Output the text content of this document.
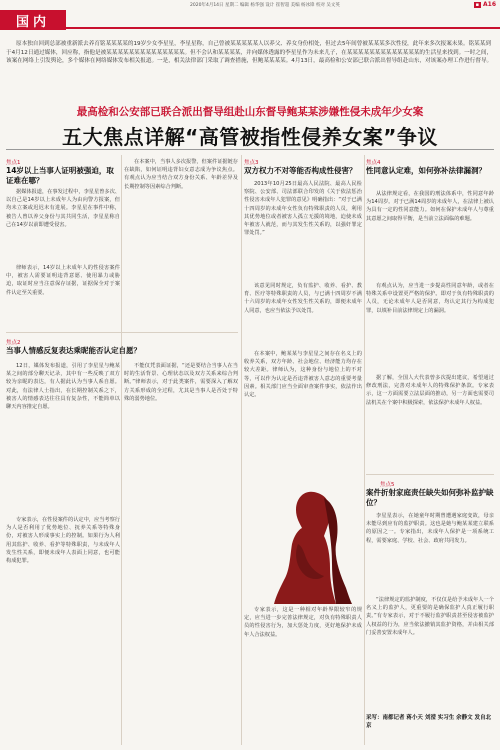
2020年4月14日 星期二 编辑 杨华强 设计 崔智超 美编 杨冰锋 校对 吴文英	▪ A16
国内
原本独自回到总部被重新派去养育铭某某某某的19岁少女李星星，李星星称，自己曾被某某某某某人以养父、养女身份相处，但过去5年间曾被某某某多次性侵，此年来多次报案未果。铭某某到于4月12日通过媒体，回应称，指他是被某某某某某某某某某某某某某某。但不会认和某某某某，并向媒体透露的李星星作为未来儿子，在某某某某某某某某某某某某某的生活星来找到。一时之间，该案在网络上引发舆论，多个媒体在网络媒体发布相关报道。一是，相关法律部门采取了调查措施，但鲍某某某某。4月13日，最高检和公安部已联合派出督导组赴山东，对该案办理工作进行督导。
最高检和公安部已联合派出督导组赴山东督导鲍某某涉嫌性侵未成年少女案
五大焦点详解“高管被指性侵养女案”争议
焦点1
14岁以上当事人证明被强迫，取证难在哪？
据媒体报道，在事发过程中，李星星曾多次、以自己是14岁以上未成年人为由向警方报案，但均未立案或迟迟未有进展。李星星在事件中称，被告人曾以养父身份与其共同生活，李星星称自己在14岁以前即遭受侵害。
律师表示，14岁以上未成年人的性侵害案件中，被害人需要证明违背意愿、使用暴力或胁迫，取证时应当注意保存证据，证据保全对于案件认定至关重要。
在本案中，当事人多次报警，但案件证据链存在缺陷，如何证明违背妇女意志成为争议焦点。有观点认为应当结合双方身份关系、年龄差异及长期控制等因素综合判断。
焦点2
当事人情感反复表达乘昵能否认定自愿？
12日，媒体发布报道，引用了李星星与鲍某某之间的部分聊天记录，其中有一些反映了双方较为亲昵的表达，有人据此认为当事人系自愿。对此，有法律人士指出，在长期控制关系之下，被害人的情感表达往往具有复杂性，不能简单以聊天内容推定自愿。
专家表示，在性侵案件的认定中，应当考察行为人是否利用了优势地位、抚养关系等特殊身份，对被害人形成事实上的控制。如果行为人利用其监护、收养、看护等特殊职责，与未成年人发生性关系，即便未成年人表面上同意，也可能构成犯罪。
不能仅凭表面证据，“还是要结合当事人在当时的生活背景、心理状态以及双方关系来综合判断。”律师表示，对于此类案件，需要深入了解双方关系形成的全过程，尤其是当事人是否处于特殊的弱势地位。
焦点3
双方权力不对等能否构成性侵害？
2013年10月25日最高人民法院、最高人民检察院、公安部、司法部联合印发的《关于依法惩治性侵害未成年人犯罪的意见》明确指出：“对于已满十四周岁的未成年女性负有特殊职责的人员，利用其优势地位或者被害人孤立无援的境地，迫使未成年被害人就范，而与其发生性关系的，以强奸罪定罪处罚。”
该意见同时规定，负有监护、收养、看护、教育、医疗等特殊职责的人员，与已满十四周岁不满十六周岁的未成年女性发生性关系的，即便未成年人同意，也应当依法予以处罚。
在本案中，鲍某某与李星星之间存在名义上的收养关系，双方年龄、社会地位、经济能力均存在较大差距。律师认为，这种身份与地位上的不对等，可以作为认定是否违背被害人意志的重要考量因素。相关部门应当全面审查案件事实，依法作出认定。
专家表示，这是一种相对年龄界限较窄的规定，应当进一步完善法律规定，对负有特殊职责人员的性侵害行为，加大惩处力度，更好地保护未成年人合法权益。
焦点4
性同意认定难，如何弥补法律漏洞？
从法律规定看，在我国的刑法体系中，性同意年龄为14周岁。对于已满14周岁的未成年人，在法律上被认为具有一定的性同意能力。如何在保护未成年人与尊重其意愿之间取得平衡，是当前立法面临的难题。
有观点认为，应当进一步提高性同意年龄，或者在特殊关系中设置更严格的保护。即对于负有特殊职责的人员，无论未成年人是否同意，均认定其行为构成犯罪，以填补目前法律规定上的漏洞。
据了解，全国人大代表曾多次提出建议，希望通过修改刑法，完善对未成年人的特殊保护条款。专家表示，这一方面需要立法层面的推动，另一方面也需要司法机关在个案中积极探索，依法保护未成年人权益。
焦点5
案件折射家庭责任缺失如何弥补监护缺位？
李星星表示，在她童年时期曾遭遇家庭变故，母亲未能尽到应有的监护职责。这也是她与鲍某某建立联系的原因之一。专家指出，未成年人保护是一项系统工程，需要家庭、学校、社会、政府共同发力。
“法律规定的监护制度，不仅仅是给予未成年人一个名义上的监护人，更重要的是确保监护人真正履行职责。”有专家表示，对于不履行监护职责甚至侵害被监护人权益的行为，应当依法撤销其监护资格，并由相关部门妥善安置未成年人。
采写：南都记者 蒋小天 刘滢 实习生 余静文 发自北京
